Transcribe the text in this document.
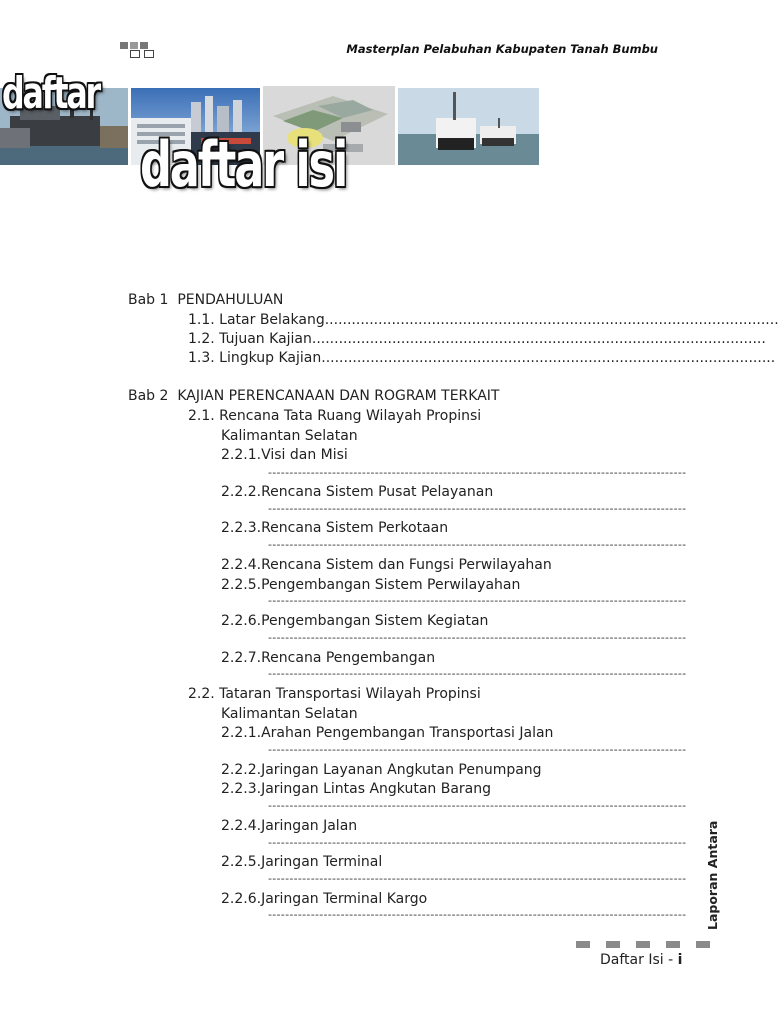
Masterplan Pelabuhan Kabupaten Tanah Bumbu
daftar
daftar isi
Bab 1 PENDAHULUAN
1.1. Latar Belakang......................................................................................................
1.2. Tujuan Kajian......................................................................................................
1.3. Lingkup Kajian......................................................................................................
Bab 2 KAJIAN PERENCANAAN DAN ROGRAM TERKAIT
2.1. Rencana Tata Ruang Wilayah Propinsi
Kalimantan Selatan
2.2.1.Visi dan Misi
--------------------------------------------------------------------------------------------------
2.2.2.Rencana Sistem Pusat Pelayanan
--------------------------------------------------------------------------------------------------
2.2.3.Rencana Sistem Perkotaan
--------------------------------------------------------------------------------------------------
2.2.4.Rencana Sistem dan Fungsi Perwilayahan
2.2.5.Pengembangan Sistem Perwilayahan
--------------------------------------------------------------------------------------------------
2.2.6.Pengembangan Sistem Kegiatan
--------------------------------------------------------------------------------------------------
2.2.7.Rencana Pengembangan
--------------------------------------------------------------------------------------------------
2.2. Tataran Transportasi Wilayah Propinsi
Kalimantan Selatan
2.2.1.Arahan Pengembangan Transportasi Jalan
--------------------------------------------------------------------------------------------------
2.2.2.Jaringan Layanan Angkutan Penumpang
2.2.3.Jaringan Lintas Angkutan Barang
--------------------------------------------------------------------------------------------------
2.2.4.Jaringan Jalan
--------------------------------------------------------------------------------------------------
2.2.5.Jaringan Terminal
--------------------------------------------------------------------------------------------------
2.2.6.Jaringan Terminal Kargo
-------------------------------------------------------------------------------------------------- Laporan Antara
Daftar Isi - i
